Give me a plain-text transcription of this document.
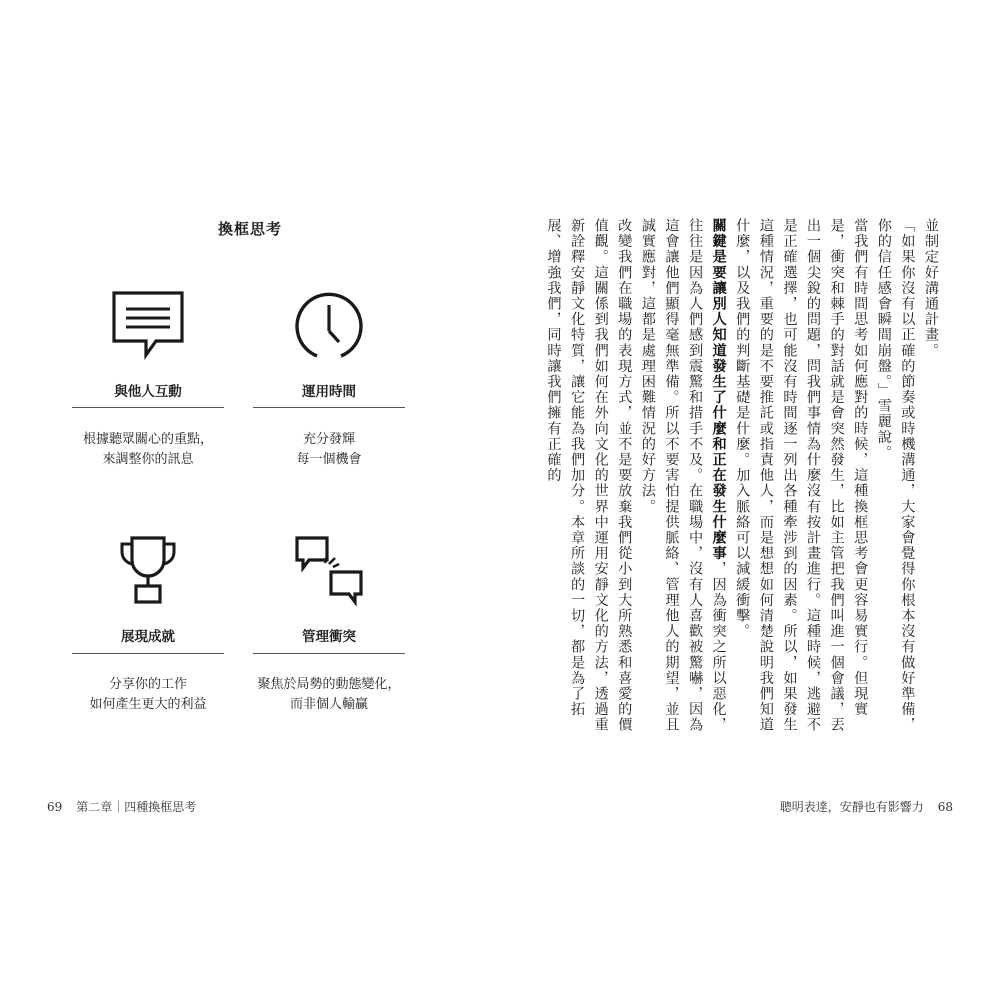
換框思考
與他人互動
根據聽眾關心的重點，
來調整你的訊息
運用時間
充分發輝
每一個機會
展現成就
分享你的工作
如何產生更大的利益
管理衝突
聚焦於局勢的動態變化，
而非個人輸贏
69 第二章｜四種換框思考

並制定好溝通計畫。

「如果你沒有以正確的節奏或時機溝通，大家會覺得你根本沒有做好準備，你的信任感會瞬間崩盤。」雪麗說。

當我們有時間思考如何應對的時候，這種換框思考會更容易實行。但現實是，衝突和棘手的對話就是會突然發生，比如主管把我們叫進一個會議，丟出一個尖銳的問題，問我們事情為什麼沒有按計畫進行。這種時候，逃避不是正確選擇，也可能沒有時間逐一列出各種牽涉到的因素。所以，如果發生這種情況，重要的是不要推託或指責他人，而是想想如何清楚說明我們知道什麼，以及我們的判斷基礎是什麼。加入脈絡可以減緩衝擊。

關鍵是要讓別人知道發生了什麼和正在發生什麼事，因為衝突之所以惡化，往往是因為人們感到震驚和措手不及。在職場中，沒有人喜歡被驚嚇，因為這會讓他們顯得毫無準備。所以不要害怕提供脈絡、管理他人的期望，並且誠實應對，這都是處理困難情況的好方法。

改變我們在職場的表現方式，並不是要放棄我們從小到大所熟悉和喜愛的價值觀。這關係到我們如何在外向文化的世界中運用安靜文化的方法，透過重新詮釋安靜文化特質，讓它能為我們加分。本章所談的一切，都是為了拓展、增強我們，同時讓我們擁有正確的

聰明表達，安靜也有影響力 68
